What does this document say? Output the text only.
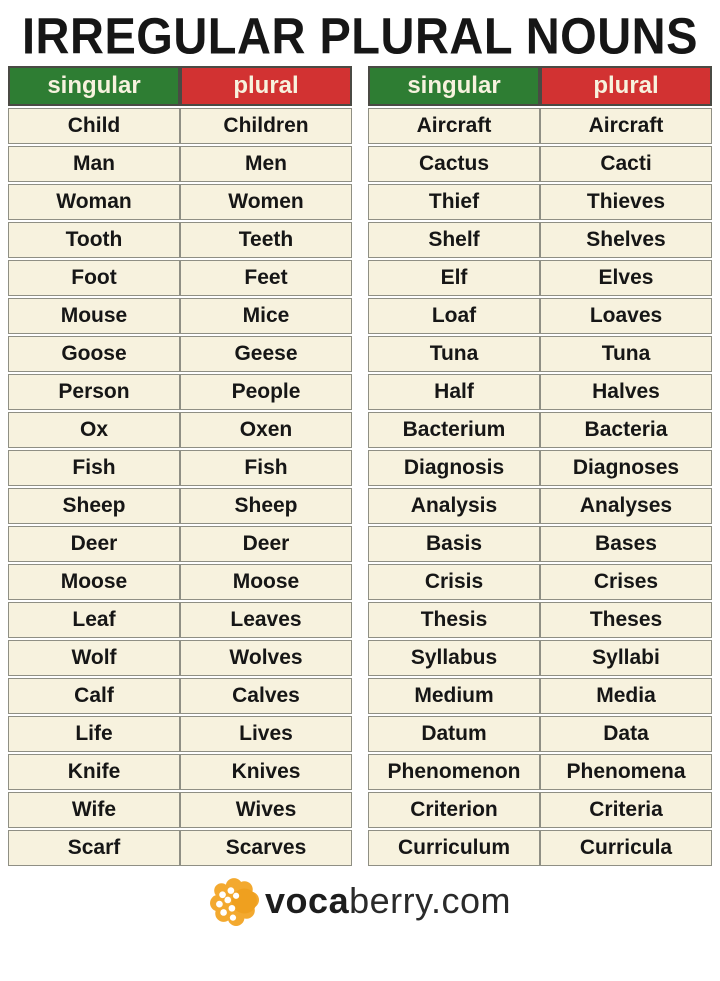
IRREGULAR PLURAL NOUNS
singular	plural
Child	Children
Man	Men
Woman	Women
Tooth	Teeth
Foot	Feet
Mouse	Mice
Goose	Geese
Person	People
Ox	Oxen
Fish	Fish
Sheep	Sheep
Deer	Deer
Moose	Moose
Leaf	Leaves
Wolf	Wolves
Calf	Calves
Life	Lives
Knife	Knives
Wife	Wives
Scarf	Scarves
singular	plural
Aircraft	Aircraft
Cactus	Cacti
Thief	Thieves
Shelf	Shelves
Elf	Elves
Loaf	Loaves
Tuna	Tuna
Half	Halves
Bacterium	Bacteria
Diagnosis	Diagnoses
Analysis	Analyses
Basis	Bases
Crisis	Crises
Thesis	Theses
Syllabus	Syllabi
Medium	Media
Datum	Data
Phenomenon	Phenomena
Criterion	Criteria
Curriculum	Curricula
vocaberry.com
